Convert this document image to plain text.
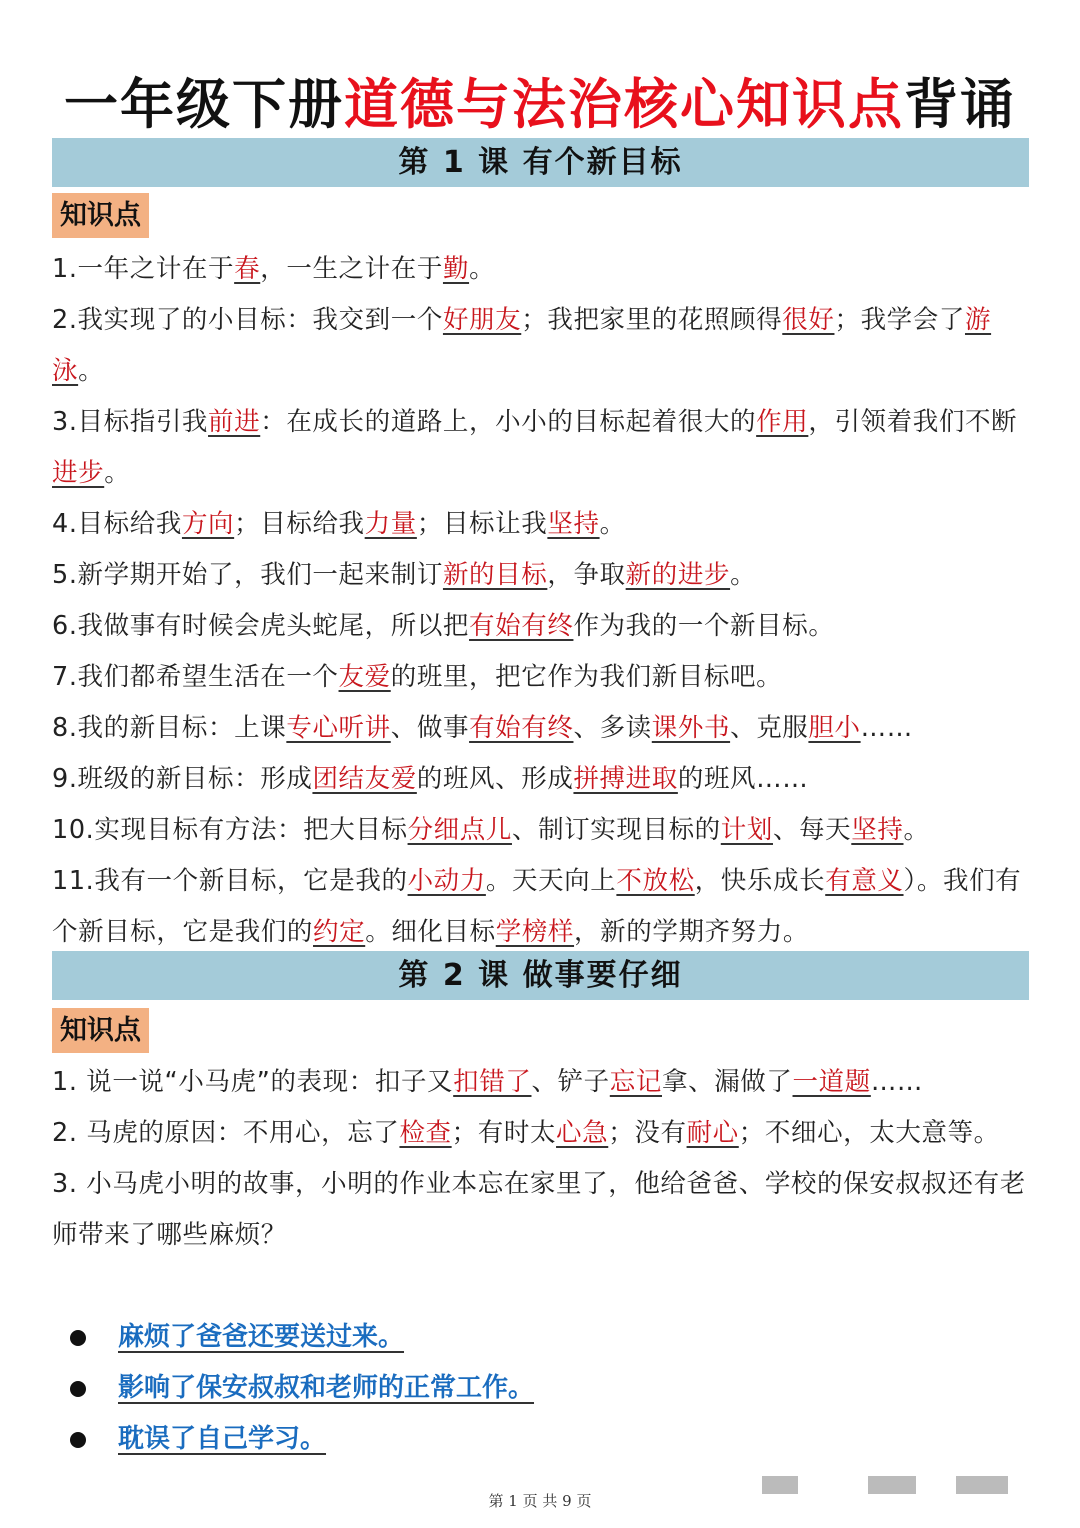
一年级下册道德与法治核心知识点背诵
第 1 课 有个新目标
知识点

1.一年之计在于春，一生之计在于勤。

2.我实现了的小目标：我交到一个好朋友；我把家里的花照顾得很好；我学会了游泳。

3.目标指引我前进：在成长的道路上，小小的目标起着很大的作用，引领着我们不断进步。

4.目标给我方向；目标给我力量；目标让我坚持。

5.新学期开始了，我们一起来制订新的目标，争取新的进步。

6.我做事有时候会虎头蛇尾，所以把有始有终作为我的一个新目标。

7.我们都希望生活在一个友爱的班里，把它作为我们新目标吧。

8.我的新目标：上课专心听讲、做事有始有终、多读课外书、克服胆小……

9.班级的新目标：形成团结友爱的班风、形成拼搏进取的班风……

10.实现目标有方法：把大目标分细点儿、制订实现目标的计划、每天坚持。

11.我有一个新目标，它是我的小动力。天天向上不放松，快乐成长有意义）。我们有个新目标，它是我们的约定。细化目标学榜样，新的学期齐努力。

第 2 课 做事要仔细
知识点

1. 说一说“小马虎”的表现：扣子又扣错了、铲子忘记拿、漏做了一道题……

2. 马虎的原因：不用心，忘了检查；有时太心急；没有耐心；不细心，太大意等。

3. 小马虎小明的故事，小明的作业本忘在家里了，他给爸爸、学校的保安叔叔还有老师带来了哪些麻烦？

麻烦了爸爸还要送过来。
影响了保安叔叔和老师的正常工作。
耽误了自己学习。
第 1 页 共 9 页
